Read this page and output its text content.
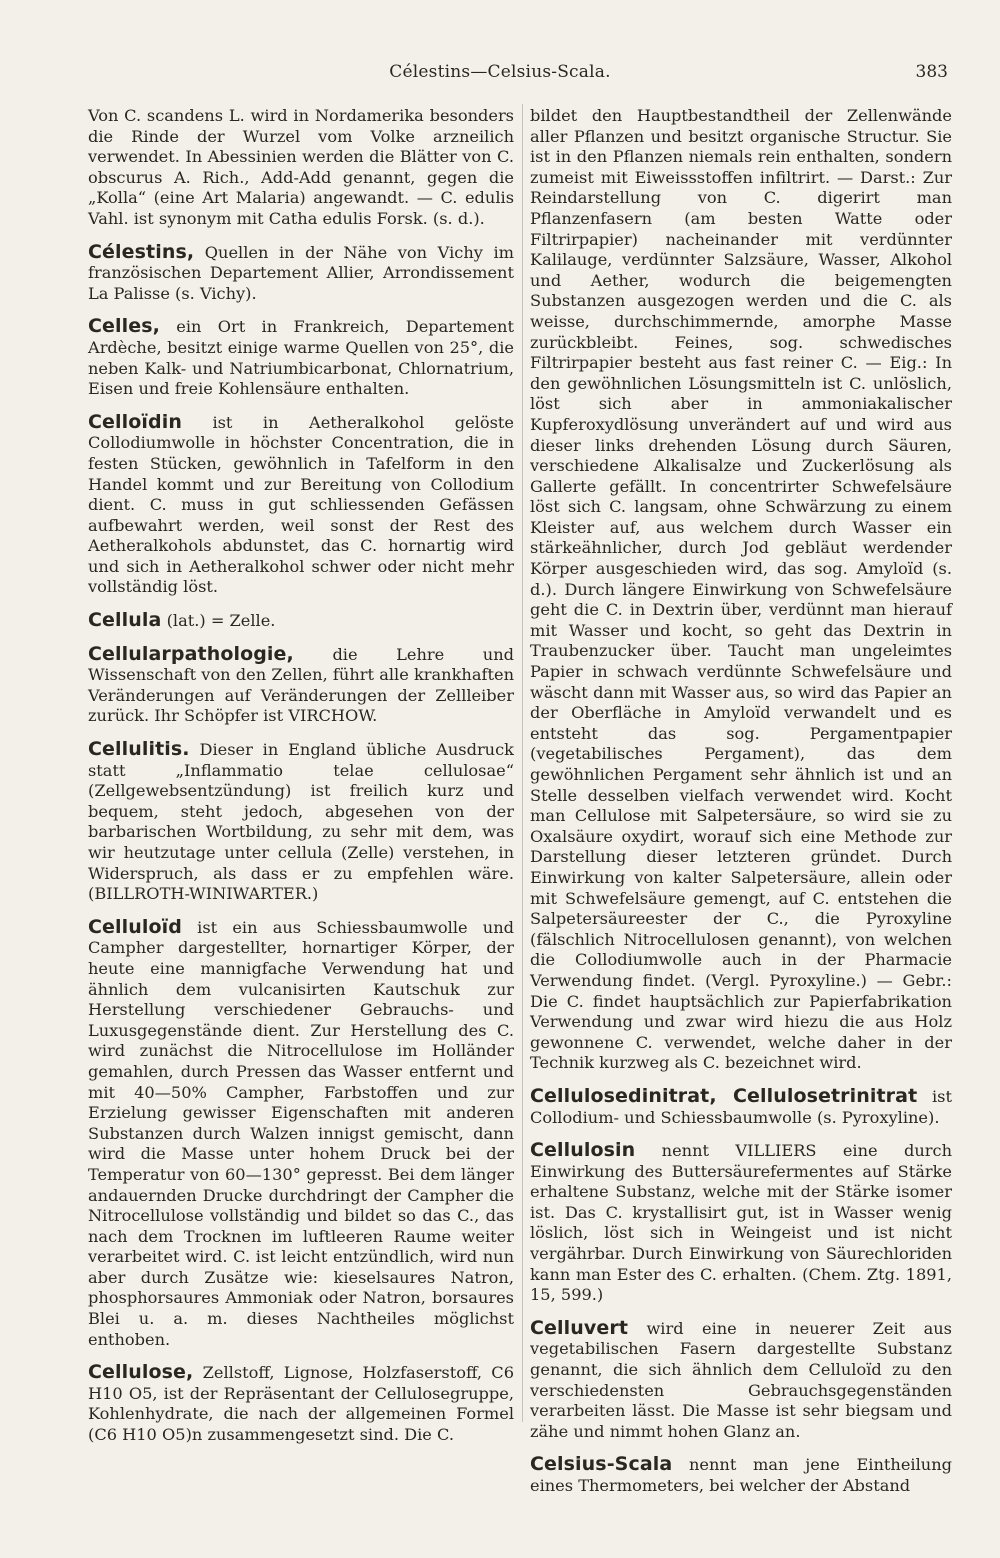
Célestins—Celsius-Scala.	383

Von C. scandens L. wird in Nordamerika besonders die Rinde der Wurzel vom Volke arzneilich verwendet. In Abessinien werden die Blätter von C. obscurus A. Rich., Add-Add genannt, gegen die „Kolla“ (eine Art Malaria) angewandt. — C. edulis Vahl. ist synonym mit Catha edulis Forsk. (s. d.).

Célestins, Quellen in der Nähe von Vichy im französischen Departement Allier, Arrondissement La Palisse (s. Vichy).

Celles, ein Ort in Frankreich, Departement Ardèche, besitzt einige warme Quellen von 25°, die neben Kalk- und Natriumbicarbonat, Chlornatrium, Eisen und freie Kohlensäure enthalten.

Celloïdin ist in Aetheralkohol gelöste Collodiumwolle in höchster Concentration, die in festen Stücken, gewöhnlich in Tafelform in den Handel kommt und zur Bereitung von Collodium dient. C. muss in gut schliessenden Gefässen aufbewahrt werden, weil sonst der Rest des Aetheralkohols abdunstet, das C. hornartig wird und sich in Aetheralkohol schwer oder nicht mehr vollständig löst.

Cellula (lat.) = Zelle.

Cellularpathologie, die Lehre und Wissenschaft von den Zellen, führt alle krankhaften Veränderungen auf Veränderungen der Zellleiber zurück. Ihr Schöpfer ist VIRCHOW.

Cellulitis. Dieser in England übliche Ausdruck statt „Inflammatio telae cellulosae“ (Zellgewebsentzündung) ist freilich kurz und bequem, steht jedoch, abgesehen von der barbarischen Wortbildung, zu sehr mit dem, was wir heutzutage unter cellula (Zelle) verstehen, in Widerspruch, als dass er zu empfehlen wäre. (BILLROTH-WINIWARTER.)

Celluloïd ist ein aus Schiessbaumwolle und Campher dargestellter, hornartiger Körper, der heute eine mannigfache Verwendung hat und ähnlich dem vulcanisirten Kautschuk zur Herstellung verschiedener Gebrauchs- und Luxusgegenstände dient. Zur Herstellung des C. wird zunächst die Nitrocellulose im Holländer gemahlen, durch Pressen das Wasser entfernt und mit 40—50% Campher, Farbstoffen und zur Erzielung gewisser Eigenschaften mit anderen Substanzen durch Walzen innigst gemischt, dann wird die Masse unter hohem Druck bei der Temperatur von 60—130° gepresst. Bei dem länger andauernden Drucke durchdringt der Campher die Nitrocellulose vollständig und bildet so das C., das nach dem Trocknen im luftleeren Raume weiter verarbeitet wird. C. ist leicht entzündlich, wird nun aber durch Zusätze wie: kieselsaures Natron, phosphorsaures Ammoniak oder Natron, borsaures Blei u. a. m. dieses Nachtheiles möglichst enthoben.

Cellulose, Zellstoff, Lignose, Holzfaserstoff, C6 H10 O5, ist der Repräsentant der Cellulosegruppe, Kohlenhydrate, die nach der allgemeinen Formel (C6 H10 O5)n zusammengesetzt sind. Die C.

bildet den Hauptbestandtheil der Zellenwände aller Pflanzen und besitzt organische Structur. Sie ist in den Pflanzen niemals rein enthalten, sondern zumeist mit Eiweissstoffen infiltrirt. — Darst.: Zur Reindarstellung von C. digerirt man Pflanzenfasern (am besten Watte oder Filtrirpapier) nacheinander mit verdünnter Kalilauge, verdünnter Salzsäure, Wasser, Alkohol und Aether, wodurch die beigemengten Substanzen ausgezogen werden und die C. als weisse, durchschimmernde, amorphe Masse zurückbleibt. Feines, sog. schwedisches Filtrirpapier besteht aus fast reiner C. — Eig.: In den gewöhnlichen Lösungsmitteln ist C. unlöslich, löst sich aber in ammoniakalischer Kupferoxydlösung unverändert auf und wird aus dieser links drehenden Lösung durch Säuren, verschiedene Alkalisalze und Zuckerlösung als Gallerte gefällt. In concentrirter Schwefelsäure löst sich C. langsam, ohne Schwärzung zu einem Kleister auf, aus welchem durch Wasser ein stärkeähnlicher, durch Jod gebläut werdender Körper ausgeschieden wird, das sog. Amyloïd (s. d.). Durch längere Einwirkung von Schwefelsäure geht die C. in Dextrin über, verdünnt man hierauf mit Wasser und kocht, so geht das Dextrin in Traubenzucker über. Taucht man ungeleimtes Papier in schwach verdünnte Schwefelsäure und wäscht dann mit Wasser aus, so wird das Papier an der Oberfläche in Amyloïd verwandelt und es entsteht das sog. Pergamentpapier (vegetabilisches Pergament), das dem gewöhnlichen Pergament sehr ähnlich ist und an Stelle desselben vielfach verwendet wird. Kocht man Cellulose mit Salpetersäure, so wird sie zu Oxalsäure oxydirt, worauf sich eine Methode zur Darstellung dieser letzteren gründet. Durch Einwirkung von kalter Salpetersäure, allein oder mit Schwefelsäure gemengt, auf C. entstehen die Salpetersäureester der C., die Pyroxyline (fälschlich Nitrocellulosen genannt), von welchen die Collodiumwolle auch in der Pharmacie Verwendung findet. (Vergl. Pyroxyline.) — Gebr.: Die C. findet hauptsächlich zur Papierfabrikation Verwendung und zwar wird hiezu die aus Holz gewonnene C. verwendet, welche daher in der Technik kurzweg als C. bezeichnet wird.

Cellulosedinitrat, Cellulosetrinitrat ist Collodium- und Schiessbaumwolle (s. Pyroxyline).

Cellulosin nennt VILLIERS eine durch Einwirkung des Buttersäurefermentes auf Stärke erhaltene Substanz, welche mit der Stärke isomer ist. Das C. krystallisirt gut, ist in Wasser wenig löslich, löst sich in Weingeist und ist nicht vergährbar. Durch Einwirkung von Säurechloriden kann man Ester des C. erhalten. (Chem. Ztg. 1891, 15, 599.)

Celluvert wird eine in neuerer Zeit aus vegetabilischen Fasern dargestellte Substanz genannt, die sich ähnlich dem Celluloïd zu den verschiedensten Gebrauchsgegenständen verarbeiten lässt. Die Masse ist sehr biegsam und zähe und nimmt hohen Glanz an.

Celsius-Scala nennt man jene Eintheilung eines Thermometers, bei welcher der Abstand
